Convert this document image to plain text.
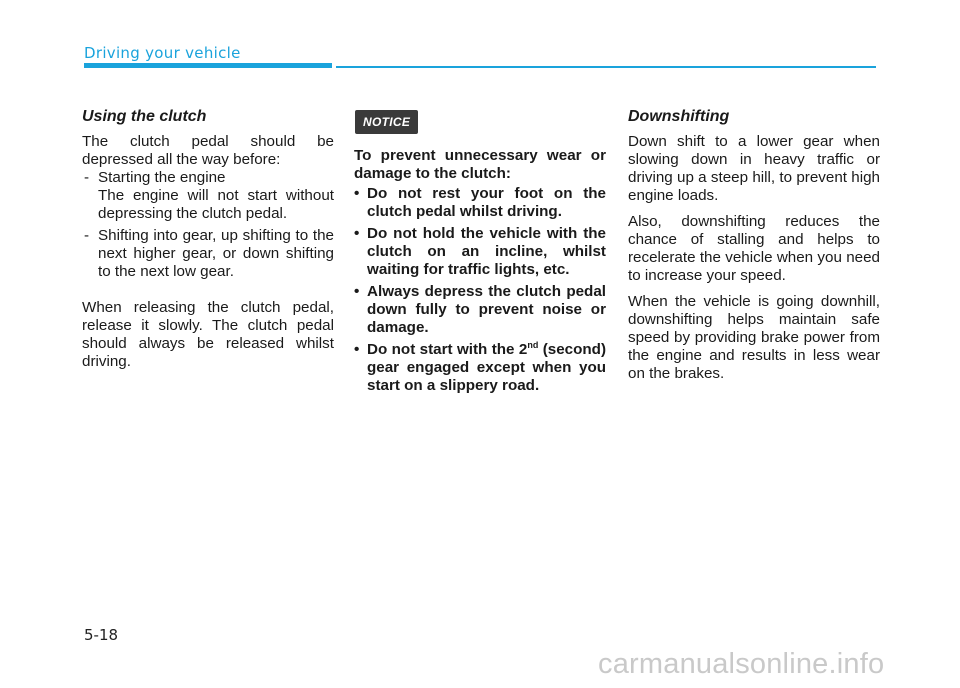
Driving your vehicle
Using the clutch

The clutch pedal should be depressed all the way before:

- Starting the engine
The engine will not start without depressing the clutch pedal.
- Shifting into gear, up shifting to the next higher gear, or down shifting to the next low gear.

When releasing the clutch pedal, release it slowly. The clutch pedal should always be released whilst driving.

NOTICE

To prevent unnecessary wear or damage to the clutch:

• Do not rest your foot on the clutch pedal whilst driving.
• Do not hold the vehicle with the clutch on an incline, whilst waiting for traffic lights, etc.
• Always depress the clutch pedal down fully to prevent noise or damage.
• Do not start with the 2nd (second) gear engaged except when you start on a slippery road.
Downshifting

Down shift to a lower gear when slowing down in heavy traffic or driving up a steep hill, to prevent high engine loads.

Also, downshifting reduces the chance of stalling and helps to recelerate the vehicle when you need to increase your speed.

When the vehicle is going downhill, downshifting helps maintain safe speed by providing brake power from the engine and results in less wear on the brakes.

5-18
carmanualsonline.info
